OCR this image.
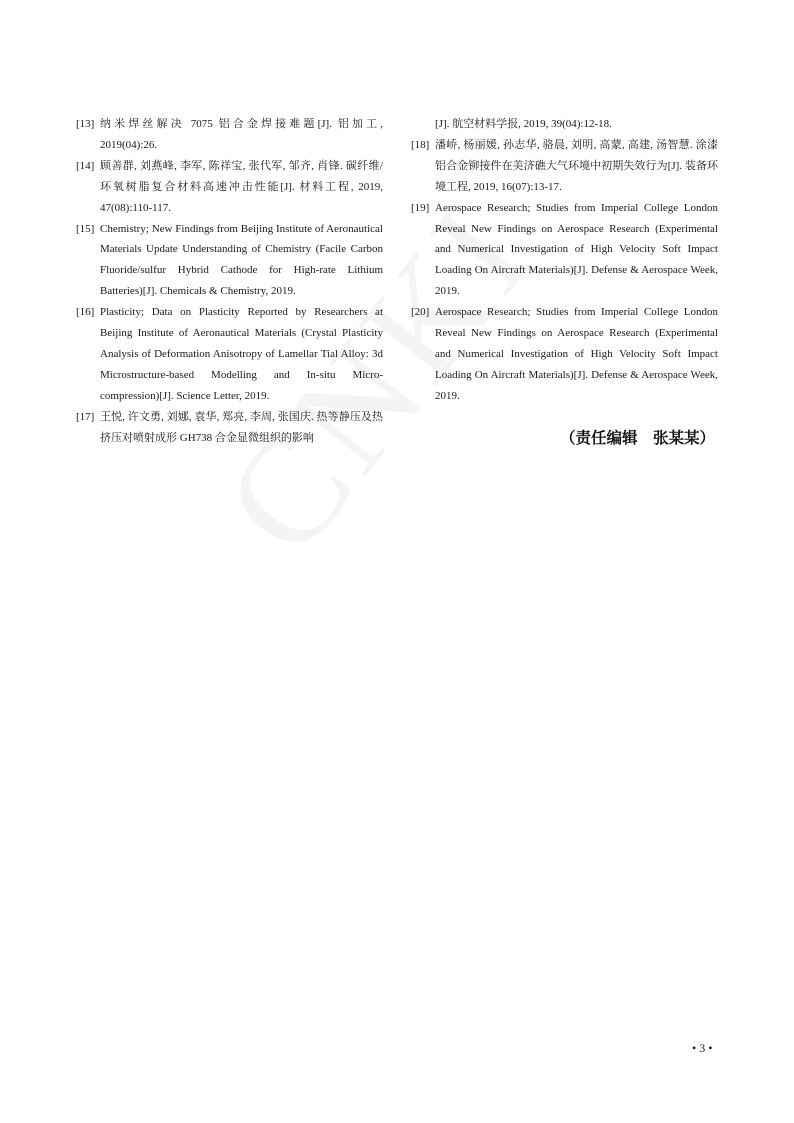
[13] 纳米焊丝解决 7075 铝合金焊接难题[J]. 铝加工, 2019(04):26.
[14] 顾善群, 刘燕峰, 李军, 陈祥宝, 张代军, 邹齐, 肖锋. 碳纤维/环氧树脂复合材料高速冲击性能[J]. 材料工程, 2019, 47(08):110-117.
[15] Chemistry; New Findings from Beijing Institute of Aeronautical Materials Update Understanding of Chemistry (Facile Carbon Fluoride/sulfur Hybrid Cathode for High-rate Lithium Batteries)[J]. Chemicals & Chemistry, 2019.
[16] Plasticity; Data on Plasticity Reported by Researchers at Beijing Institute of Aeronautical Materials (Crystal Plasticity Analysis of Deformation Anisotropy of Lamellar Tial Alloy: 3d Microstructure-based Modelling and In-situ Micro-compression)[J]. Science Letter, 2019.
[17] 王悦, 许文勇, 刘娜, 袁华, 郑亮, 李周, 张国庆. 热等静压及热挤压对喷射成形 GH738 合金显微组织的影响
[J]. 航空材料学报, 2019, 39(04):12-18.
[18] 潘峤, 杨丽媛, 孙志华, 骆晨, 刘明, 高蒙, 高建, 汤智慧. 涂漆铝合金铆接件在美济礁大气环境中初期失效行为[J]. 装备环境工程, 2019, 16(07):13-17.
[19] Aerospace Research; Studies from Imperial College London Reveal New Findings on Aerospace Research (Experimental and Numerical Investigation of High Velocity Soft Impact Loading On Aircraft Materials)[J]. Defense & Aerospace Week, 2019.
[20] Aerospace Research; Studies from Imperial College London Reveal New Findings on Aerospace Research (Experimental and Numerical Investigation of High Velocity Soft Impact Loading On Aircraft Materials)[J]. Defense & Aerospace Week, 2019.
（责任编辑　张某某）
• 3 •
